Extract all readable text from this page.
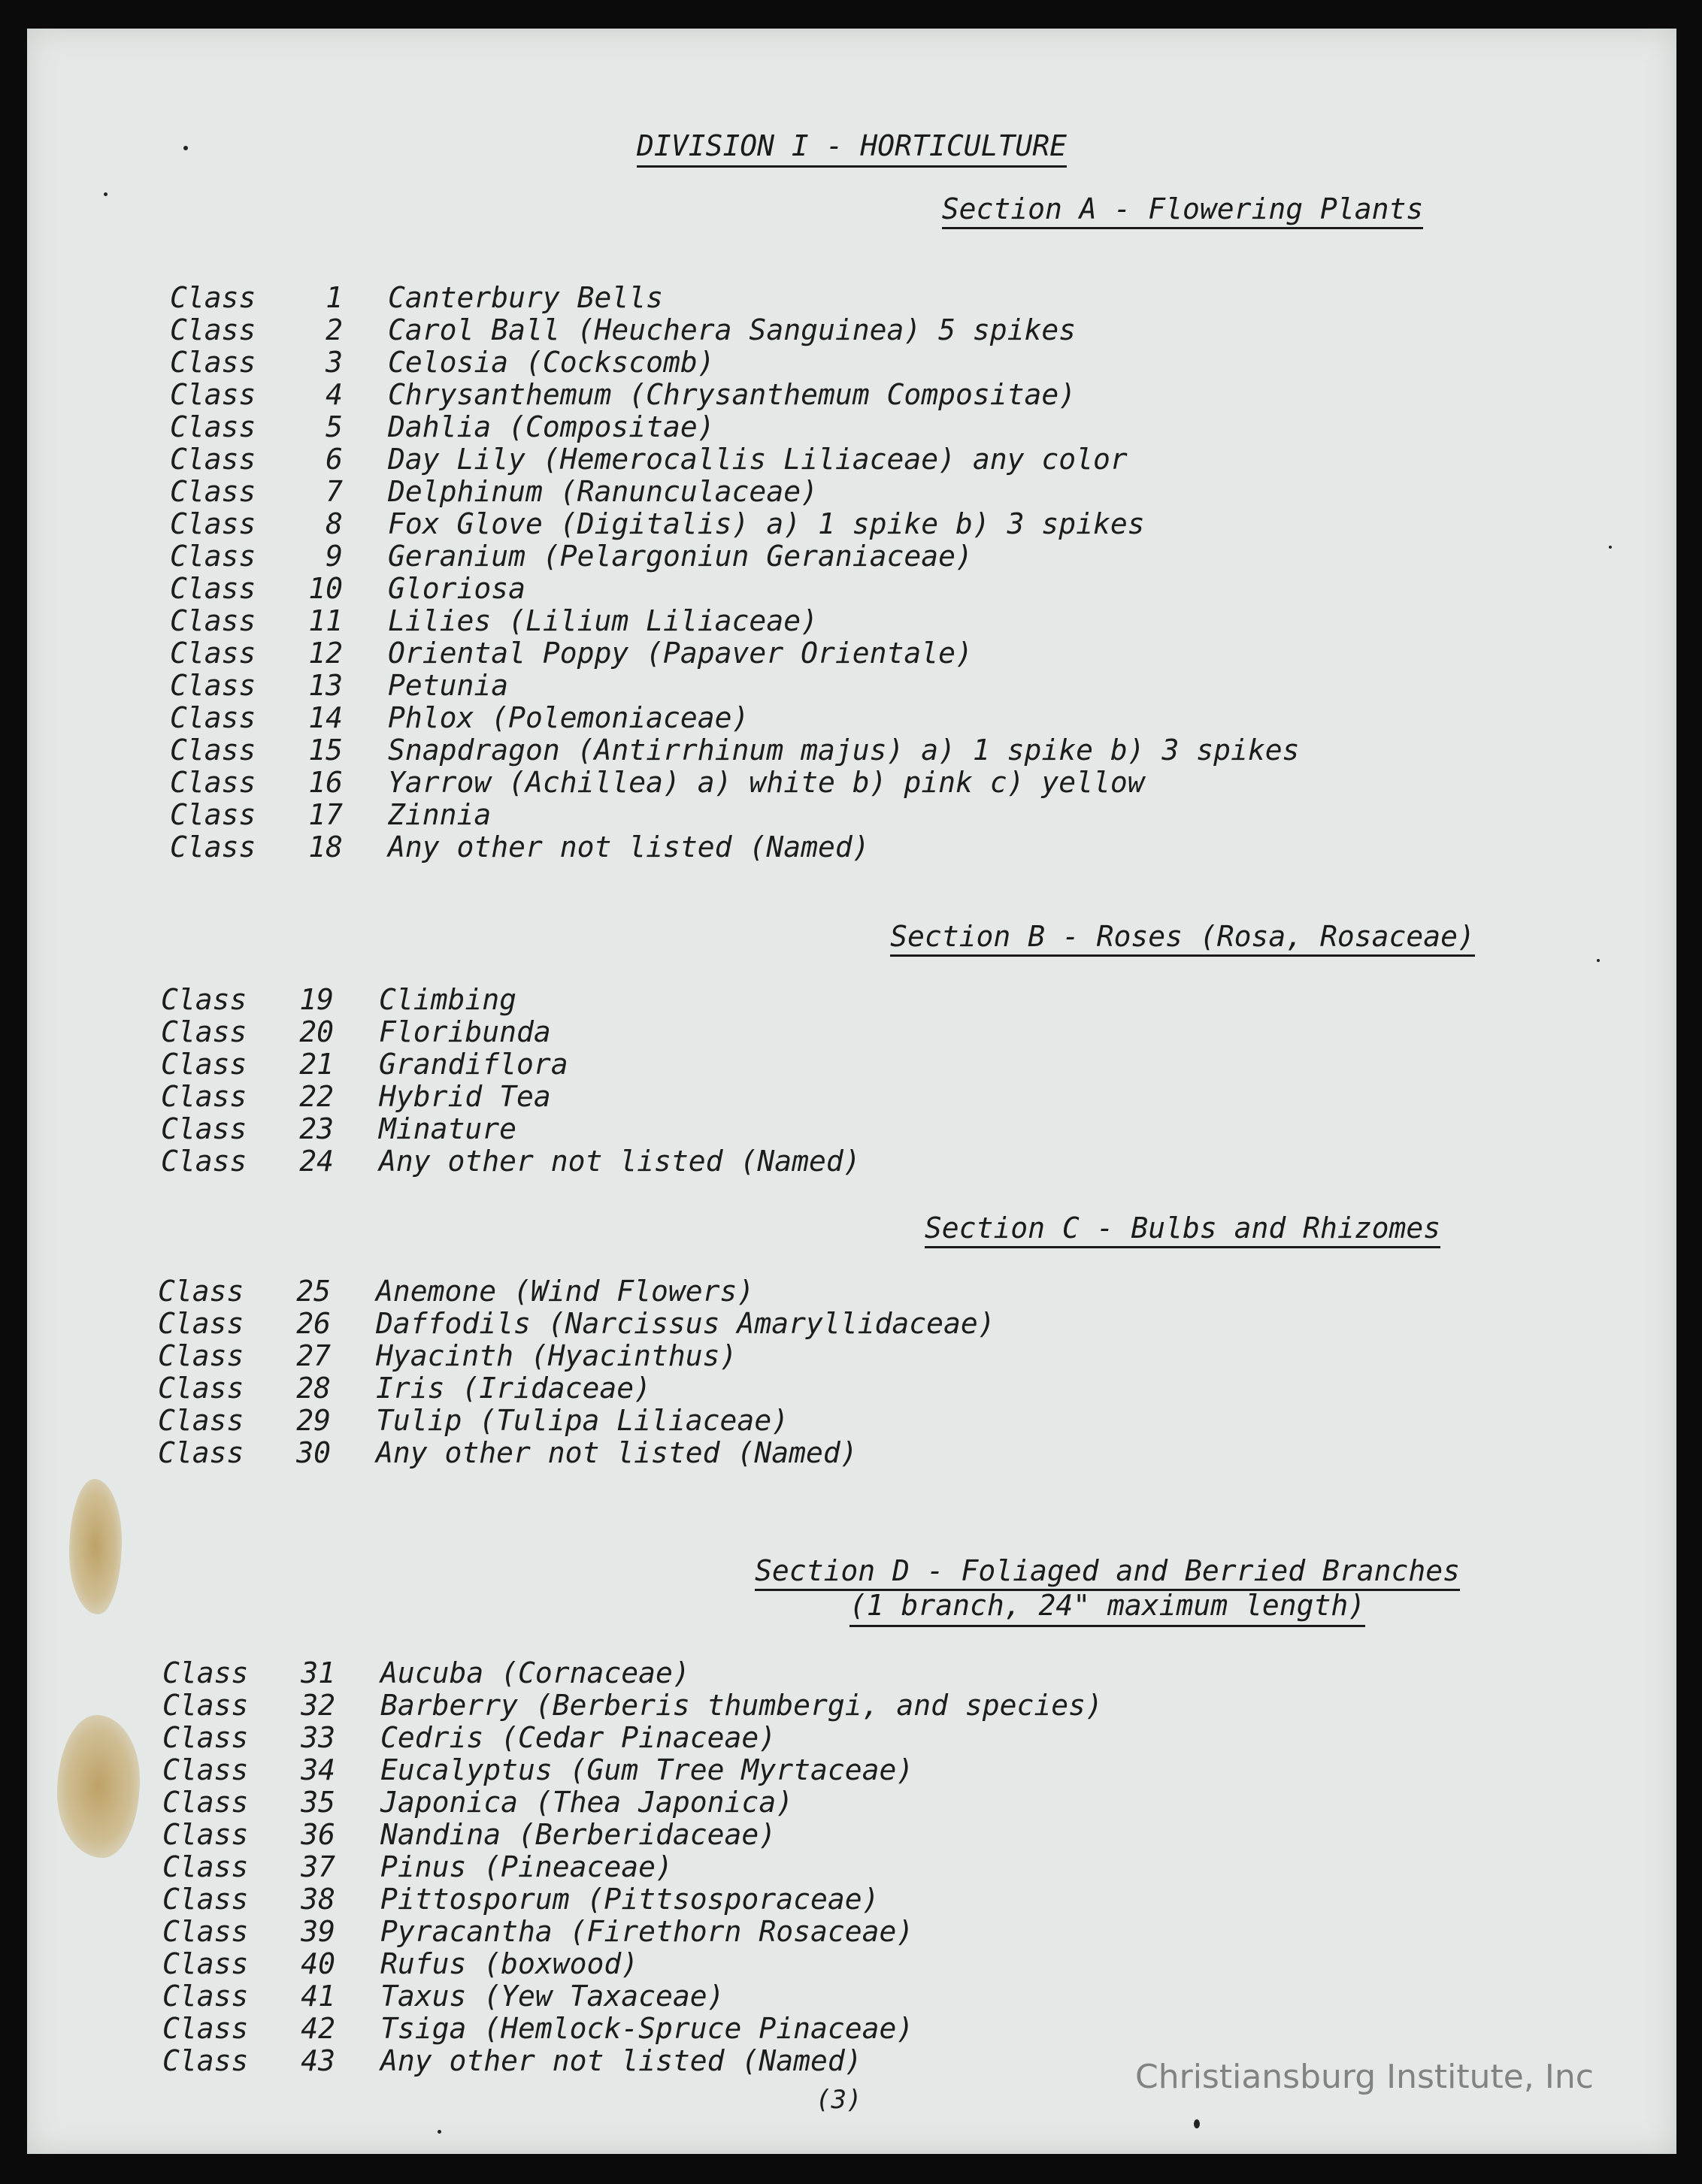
DIVISION I - HORTICULTURE
Section A - Flowering Plants
Class	1 Canterbury Bells
Class	2 Carol Ball (Heuchera Sanguinea) 5 spikes
Class	3 Celosia (Cockscomb)
Class	4 Chrysanthemum (Chrysanthemum Compositae)
Class	5 Dahlia (Compositae)
Class	6 Day Lily (Hemerocallis Liliaceae) any color
Class	7 Delphinum (Ranunculaceae)
Class	8 Fox Glove (Digitalis) a) 1 spike b) 3 spikes
Class	9 Geranium (Pelargoniun Geraniaceae)
Class	10 Gloriosa
Class	11 Lilies (Lilium Liliaceae)
Class	12 Oriental Poppy (Papaver Orientale)
Class	13 Petunia
Class	14 Phlox (Polemoniaceae)
Class	15 Snapdragon (Antirrhinum majus) a) 1 spike b) 3 spikes
Class	16 Yarrow (Achillea) a) white b) pink c) yellow
Class	17 Zinnia
Class	18 Any other not listed (Named)
Section B - Roses (Rosa, Rosaceae)
Class	19 Climbing
Class	20 Floribunda
Class	21 Grandiflora
Class	22 Hybrid Tea
Class	23 Minature
Class	24 Any other not listed (Named)
Section C - Bulbs and Rhizomes
Class	25 Anemone (Wind Flowers)
Class	26 Daffodils (Narcissus Amaryllidaceae)
Class	27 Hyacinth (Hyacinthus)
Class	28 Iris (Iridaceae)
Class	29 Tulip (Tulipa Liliaceae)
Class	30 Any other not listed (Named)
Section D - Foliaged and Berried Branches
(1 branch, 24" maximum length)
Class	31 Aucuba (Cornaceae)
Class	32 Barberry (Berberis thumbergi, and species)
Class	33 Cedris (Cedar Pinaceae)
Class	34 Eucalyptus (Gum Tree Myrtaceae)
Class	35 Japonica (Thea Japonica)
Class	36 Nandina (Berberidaceae)
Class	37 Pinus (Pineaceae)
Class	38 Pittosporum (Pittsosporaceae)
Class	39 Pyracantha (Firethorn Rosaceae)
Class	40 Rufus (boxwood)
Class	41 Taxus (Yew Taxaceae)
Class	42 Tsiga (Hemlock-Spruce Pinaceae)
Class	43 Any other not listed (Named)
(3)
Christiansburg Institute, Inc
